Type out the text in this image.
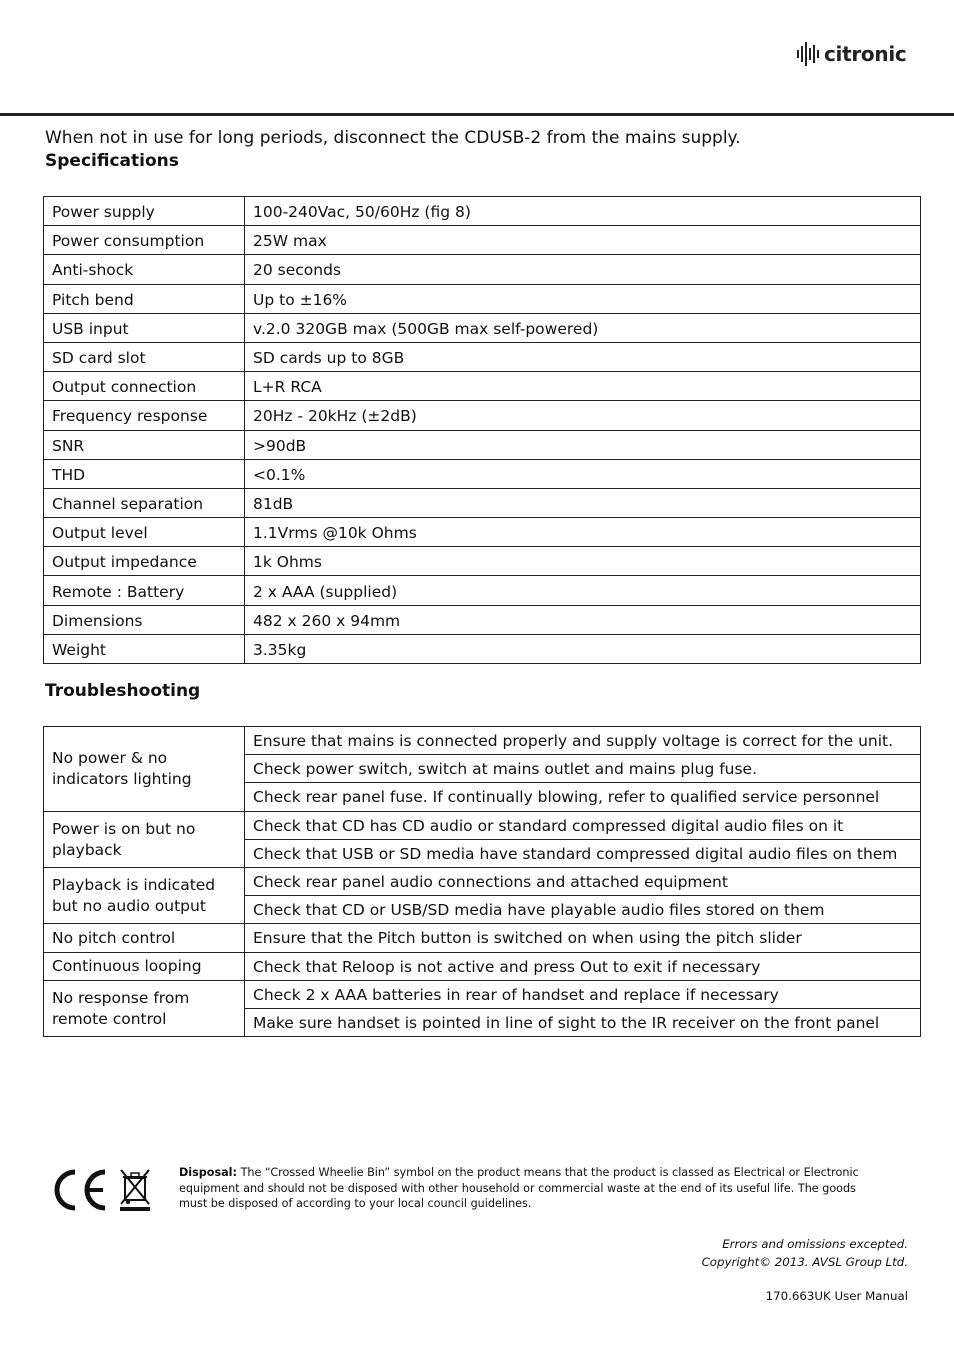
citronic
When not in use for long periods, disconnect the CDUSB-2 from the mains supply.
Specifications
Power supply	100-240Vac, 50/60Hz (fig 8)
Power consumption	25W max
Anti-shock	20 seconds
Pitch bend	Up to ±16%
USB input	v.2.0 320GB max (500GB max self-powered)
SD card slot	SD cards up to 8GB
Output connection	L+R RCA
Frequency response	20Hz - 20kHz (±2dB)
SNR	>90dB
THD	<0.1%
Channel separation	81dB
Output level	1.1Vrms @10k Ohms
Output impedance	1k Ohms
Remote : Battery	2 x AAA (supplied)
Dimensions	482 x 260 x 94mm
Weight	3.35kg
Troubleshooting
No power & no indicators lighting	Ensure that mains is connected properly and supply voltage is correct for the unit.
	Check power switch, switch at mains outlet and mains plug fuse.
	Check rear panel fuse. If continually blowing, refer to qualified service personnel
Power is on but no playback	Check that CD has CD audio or standard compressed digital audio files on it
	Check that USB or SD media have standard compressed digital audio files on them
Playback is indicated but no audio output	Check rear panel audio connections and attached equipment
	Check that CD or USB/SD media have playable audio files stored on them
No pitch control	Ensure that the Pitch button is switched on when using the pitch slider
Continuous looping	Check that Reloop is not active and press Out to exit if necessary
No response from remote control	Check 2 x AAA batteries in rear of handset and replace if necessary
	Make sure handset is pointed in line of sight to the IR receiver on the front panel
Disposal: The “Crossed Wheelie Bin” symbol on the product means that the product is classed as Electrical or Electronic equipment and should not be disposed with other household or commercial waste at the end of its useful life. The goods must be disposed of according to your local council guidelines.
Errors and omissions excepted.
Copyright© 2013. AVSL Group Ltd.
170.663UK User Manual
